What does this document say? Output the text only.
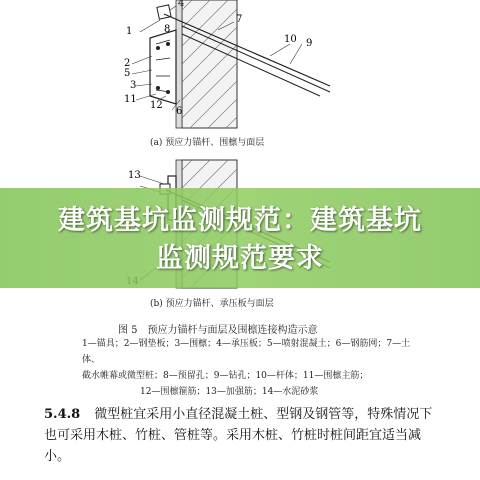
1
2
3
4
5
6
7
8
9
10
11
12
13
(a) 预应力锚杆、围檩与面层
(b) 预应力锚杆、承压板与面层
图 5　预应力锚杆与面层及围檩连接构造示意
1—锚具；2—钢垫板；3—围檩；4—承压板；5—喷射混凝土；6—钢筋网；7—土体、
截水帷幕或微型桩；8—预留孔；9—钻孔；10—杆体；11—围檩主筋；
12—围檩箍筋；13—加强筋；14—水泥砂浆
建筑基坑监测规范：建筑基坑
监测规范要求
5.4.8 微型桩宜采用小直径混凝土桩、型钢及钢管等，特殊情况下也可采用木桩、竹桩、管桩等。采用木桩、竹桩时桩间距宜适当减小。
